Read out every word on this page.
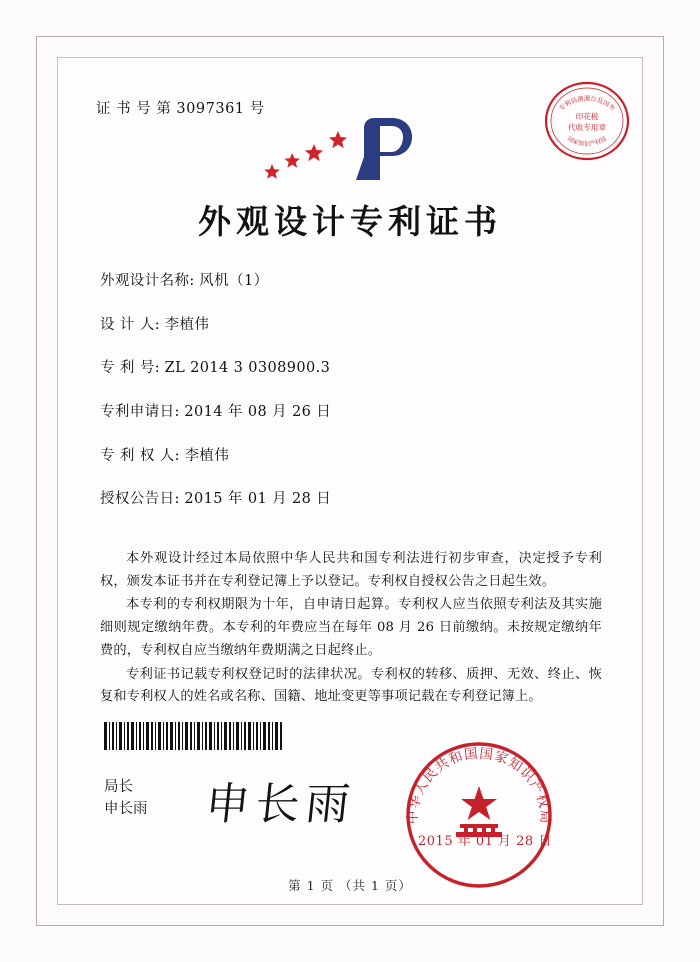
证 书 号 第 3097361 号	专利局港澳台及国外
国家知识产权局
印花税
代收专用章
外观设计专利证书
外观设计名称: 风机（1）
设 计 人: 李植伟
专 利 号: ZL 2014 3 0308900.3
专利申请日: 2014 年 08 月 26 日
专 利 权 人: 李植伟
授权公告日: 2015 年 01 月 28 日

本外观设计经过本局依照中华人民共和国专利法进行初步审查，决定授予专利权，颁发本证书并在专利登记簿上予以登记。专利权自授权公告之日起生效。

本专利的专利权期限为十年，自申请日起算。专利权人应当依照专利法及其实施细则规定缴纳年费。本专利的年费应当在每年 08 月 26 日前缴纳。未按规定缴纳年费的，专利权自应当缴纳年费期满之日起终止。

专利证书记载专利权登记时的法律状况。专利权的转移、质押、无效、终止、恢复和专利权人的姓名或名称、国籍、地址变更等事项记载在专利登记簿上。

局长
申长雨 申长雨	中华人民共和国国家知识产权局
2015 年 01 月 28 日
第 1 页 （共 1 页）
